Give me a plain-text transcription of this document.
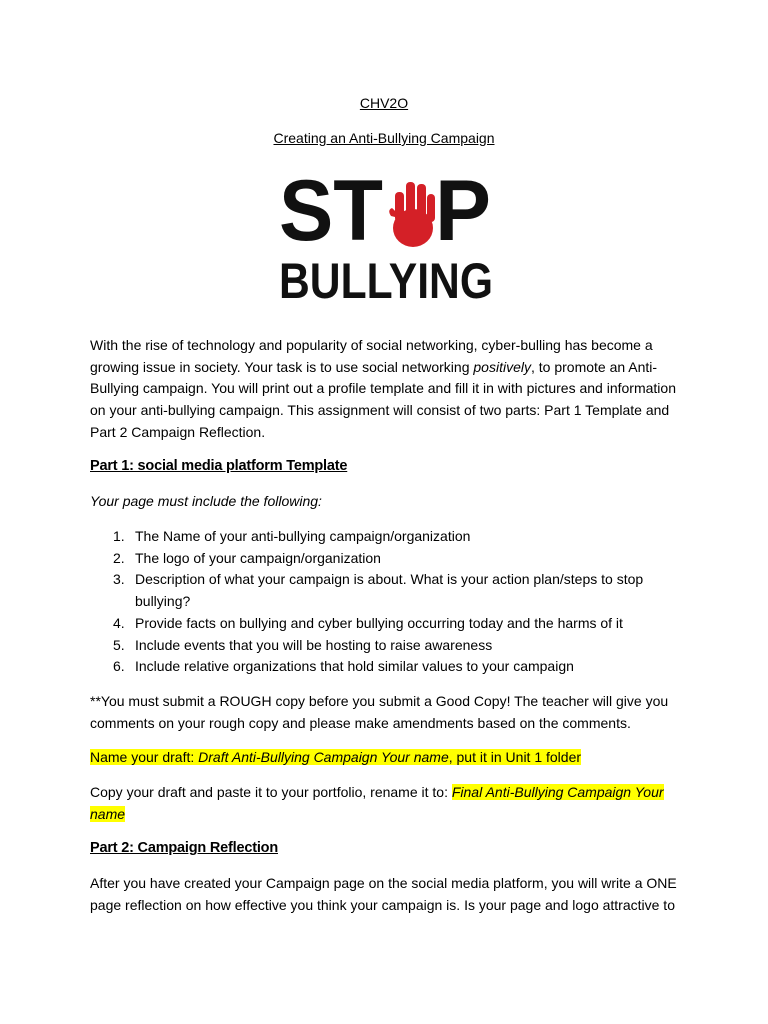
CHV2O
Creating an Anti-Bullying Campaign
ST P
BULLYING
With the rise of technology and popularity of social networking, cyber-bulling has become a growing issue in society. Your task is to use social networking positively, to promote an Anti-Bullying campaign. You will print out a profile template and fill it in with pictures and information on your anti-bullying campaign. This assignment will consist of two parts: Part 1 Template and Part 2 Campaign Reflection.
Part 1: social media platform Template
Your page must include the following:
1. The Name of your anti-bullying campaign/organization
2. The logo of your campaign/organization
3. Description of what your campaign is about. What is your action plan/steps to stop bullying?
4. Provide facts on bullying and cyber bullying occurring today and the harms of it
5. Include events that you will be hosting to raise awareness
6. Include relative organizations that hold similar values to your campaign
**You must submit a ROUGH copy before you submit a Good Copy! The teacher will give you comments on your rough copy and please make amendments based on the comments.
Name your draft: Draft Anti-Bullying Campaign Your name, put it in Unit 1 folder
Copy your draft and paste it to your portfolio, rename it to: Final Anti-Bullying Campaign Your name
Part 2: Campaign Reflection
After you have created your Campaign page on the social media platform, you will write a ONE page reflection on how effective you think your campaign is. Is your page and logo attractive to
